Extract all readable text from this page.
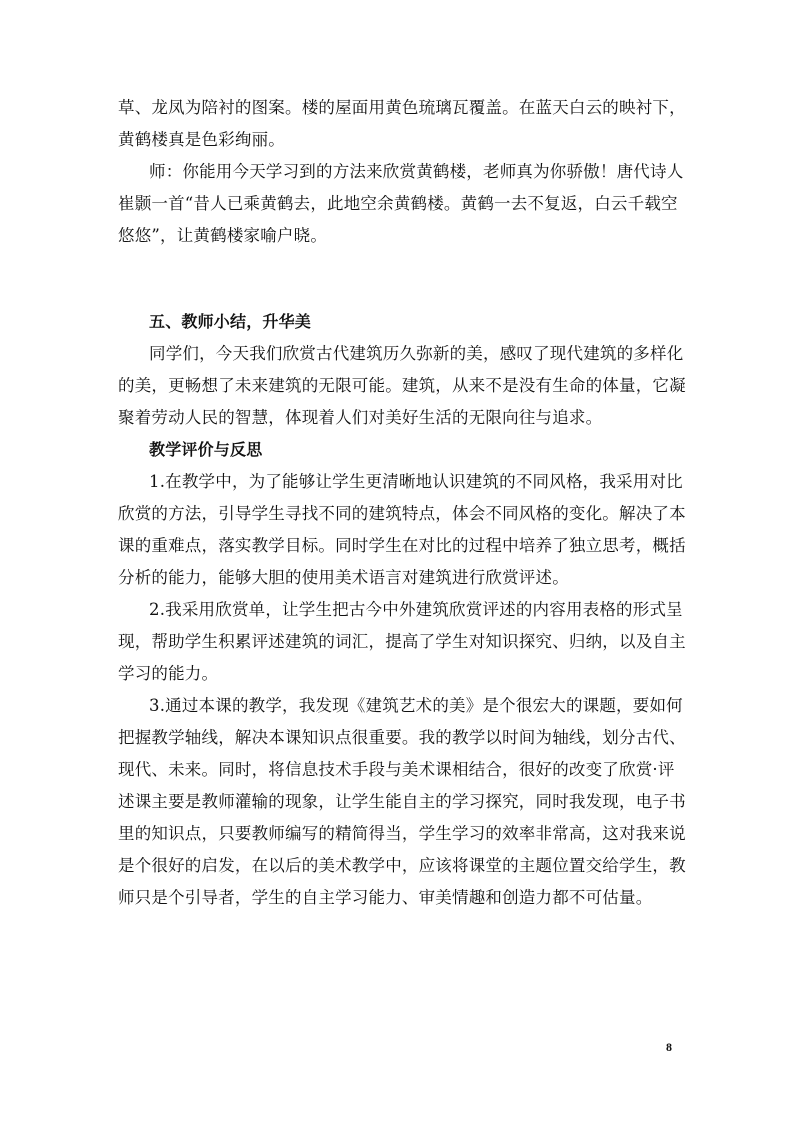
草、龙凤为陪衬的图案。楼的屋面用黄色琉璃瓦覆盖。在蓝天白云的映衬下，
黄鹤楼真是色彩绚丽。
师：你能用今天学习到的方法来欣赏黄鹤楼，老师真为你骄傲！唐代诗人
崔颢一首“昔人已乘黄鹤去，此地空余黄鹤楼。黄鹤一去不复返，白云千载空
悠悠”，让黄鹤楼家喻户晓。
五、教师小结，升华美
同学们，今天我们欣赏古代建筑历久弥新的美，感叹了现代建筑的多样化
的美，更畅想了未来建筑的无限可能。建筑，从来不是没有生命的体量，它凝
聚着劳动人民的智慧，体现着人们对美好生活的无限向往与追求。
教学评价与反思
1.在教学中，为了能够让学生更清晰地认识建筑的不同风格，我采用对比
欣赏的方法，引导学生寻找不同的建筑特点，体会不同风格的变化。解决了本
课的重难点，落实教学目标。同时学生在对比的过程中培养了独立思考，概括
分析的能力，能够大胆的使用美术语言对建筑进行欣赏评述。
2.我采用欣赏单，让学生把古今中外建筑欣赏评述的内容用表格的形式呈
现，帮助学生积累评述建筑的词汇，提高了学生对知识探究、归纳，以及自主
学习的能力。
3.通过本课的教学，我发现《建筑艺术的美》是个很宏大的课题，要如何
把握教学轴线，解决本课知识点很重要。我的教学以时间为轴线，划分古代、
现代、未来。同时，将信息技术手段与美术课相结合，很好的改变了欣赏·评
述课主要是教师灌输的现象，让学生能自主的学习探究，同时我发现，电子书
里的知识点，只要教师编写的精简得当，学生学习的效率非常高，这对我来说
是个很好的启发，在以后的美术教学中，应该将课堂的主题位置交给学生，教
师只是个引导者，学生的自主学习能力、审美情趣和创造力都不可估量。
8
